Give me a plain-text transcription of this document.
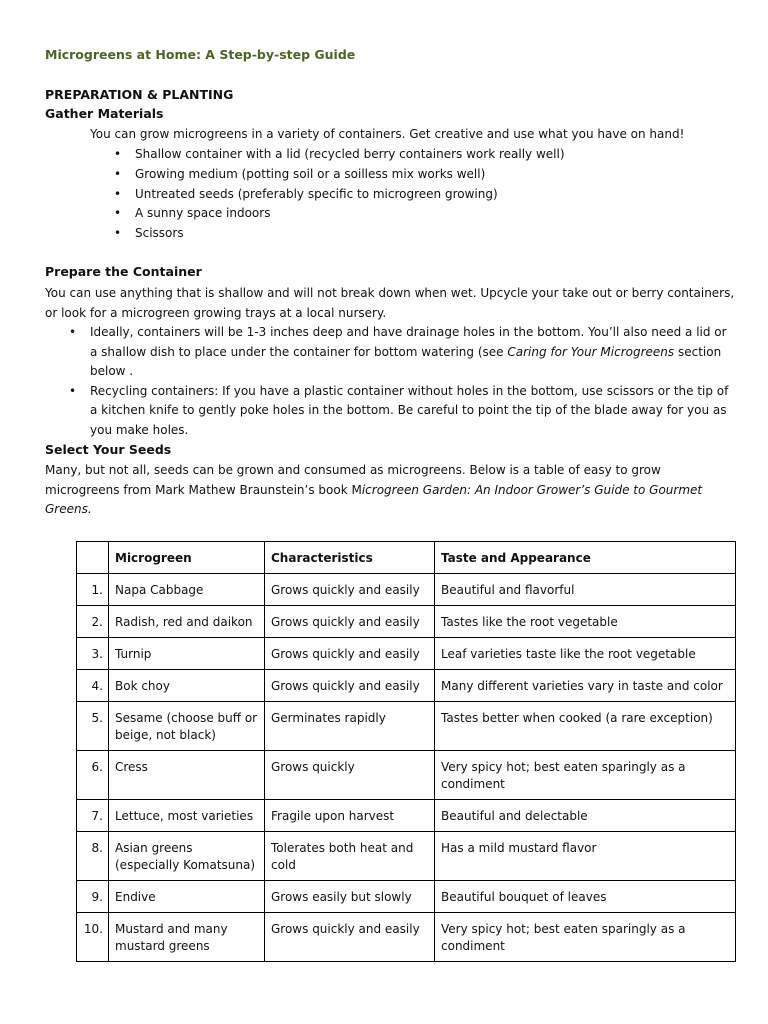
Microgreens at Home: A Step-by-step Guide
PREPARATION & PLANTING
Gather Materials
You can grow microgreens in a variety of containers. Get creative and use what you have on hand!
• Shallow container with a lid (recycled berry containers work really well)
• Growing medium (potting soil or a soilless mix works well)
• Untreated seeds (preferably specific to microgreen growing)
• A sunny space indoors
• Scissors
Prepare the Container
You can use anything that is shallow and will not break down when wet. Upcycle your take out or berry containers, or look for a microgreen growing trays at a local nursery.
• Ideally, containers will be 1-3 inches deep and have drainage holes in the bottom. You’ll also need a lid or a shallow dish to place under the container for bottom watering (see Caring for Your Microgreens section below .
• Recycling containers: If you have a plastic container without holes in the bottom, use scissors or the tip of a kitchen knife to gently poke holes in the bottom. Be careful to point the tip of the blade away for you as you make holes.
Select Your Seeds
Many, but not all, seeds can be grown and consumed as microgreens. Below is a table of easy to grow microgreens from Mark Mathew Braunstein’s book Microgreen Garden: An Indoor Grower’s Guide to Gourmet Greens.
	Microgreen	Characteristics	Taste and Appearance
1.	Napa Cabbage	Grows quickly and easily	Beautiful and flavorful
2.	Radish, red and daikon	Grows quickly and easily	Tastes like the root vegetable
3.	Turnip	Grows quickly and easily	Leaf varieties taste like the root vegetable
4.	Bok choy	Grows quickly and easily	Many different varieties vary in taste and color
5.	Sesame (choose buff or beige, not black)	Germinates rapidly	Tastes better when cooked (a rare exception)
6.	Cress	Grows quickly	Very spicy hot; best eaten sparingly as a condiment
7.	Lettuce, most varieties	Fragile upon harvest	Beautiful and delectable
8.	Asian greens (especially Komatsuna)	Tolerates both heat and cold	Has a mild mustard flavor
9.	Endive	Grows easily but slowly	Beautiful bouquet of leaves
10.	Mustard and many mustard greens	Grows quickly and easily	Very spicy hot; best eaten sparingly as a condiment
